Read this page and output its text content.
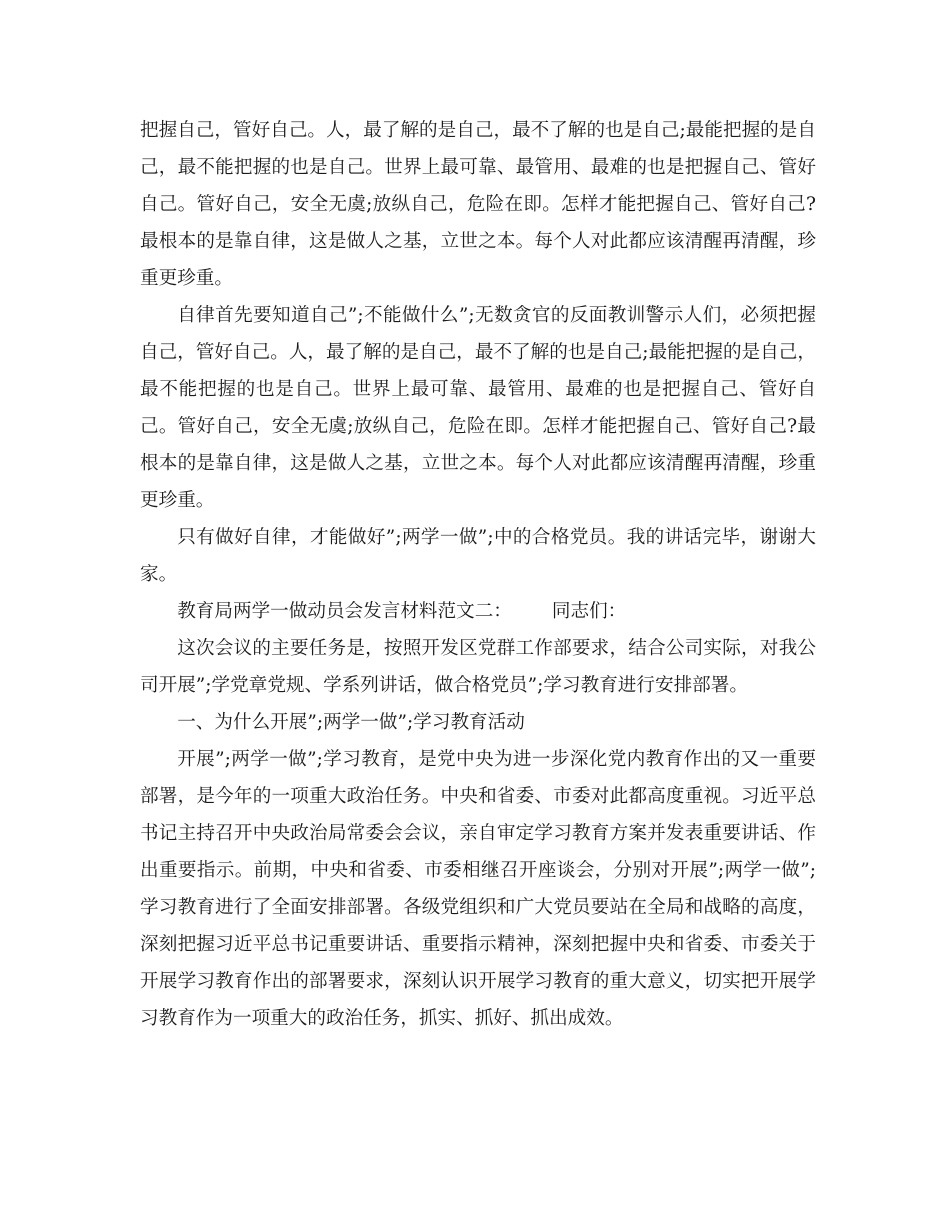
把握自己，管好自己。人，最了解的是自己，最不了解的也是自己;最能把握的是自己，最不能把握的也是自己。世界上最可靠、最管用、最难的也是把握自己、管好自己。管好自己，安全无虞;放纵自己，危险在即。怎样才能把握自己、管好自己?最根本的是靠自律，这是做人之基，立世之本。每个人对此都应该清醒再清醒，珍重更珍重。

自律首先要知道自己”;不能做什么”;无数贪官的反面教训警示人们，必须把握自己，管好自己。人，最了解的是自己，最不了解的也是自己;最能把握的是自己，最不能把握的也是自己。世界上最可靠、最管用、最难的也是把握自己、管好自己。管好自己，安全无虞;放纵自己，危险在即。怎样才能把握自己、管好自己?最根本的是靠自律，这是做人之基，立世之本。每个人对此都应该清醒再清醒，珍重更珍重。

只有做好自律，才能做好”;两学一做”;中的合格党员。我的讲话完毕，谢谢大家。

教育局两学一做动员会发言材料范文二： 同志们：

这次会议的主要任务是，按照开发区党群工作部要求，结合公司实际，对我公司开展”;学党章党规、学系列讲话，做合格党员”;学习教育进行安排部署。

一、为什么开展”;两学一做”;学习教育活动

开展”;两学一做”;学习教育，是党中央为进一步深化党内教育作出的又一重要部署，是今年的一项重大政治任务。中央和省委、市委对此都高度重视。习近平总书记主持召开中央政治局常委会会议，亲自审定学习教育方案并发表重要讲话、作出重要指示。前期，中央和省委、市委相继召开座谈会，分别对开展”;两学一做”;学习教育进行了全面安排部署。各级党组织和广大党员要站在全局和战略的高度，深刻把握习近平总书记重要讲话、重要指示精神，深刻把握中央和省委、市委关于开展学习教育作出的部署要求，深刻认识开展学习教育的重大意义，切实把开展学习教育作为一项重大的政治任务，抓实、抓好、抓出成效。
